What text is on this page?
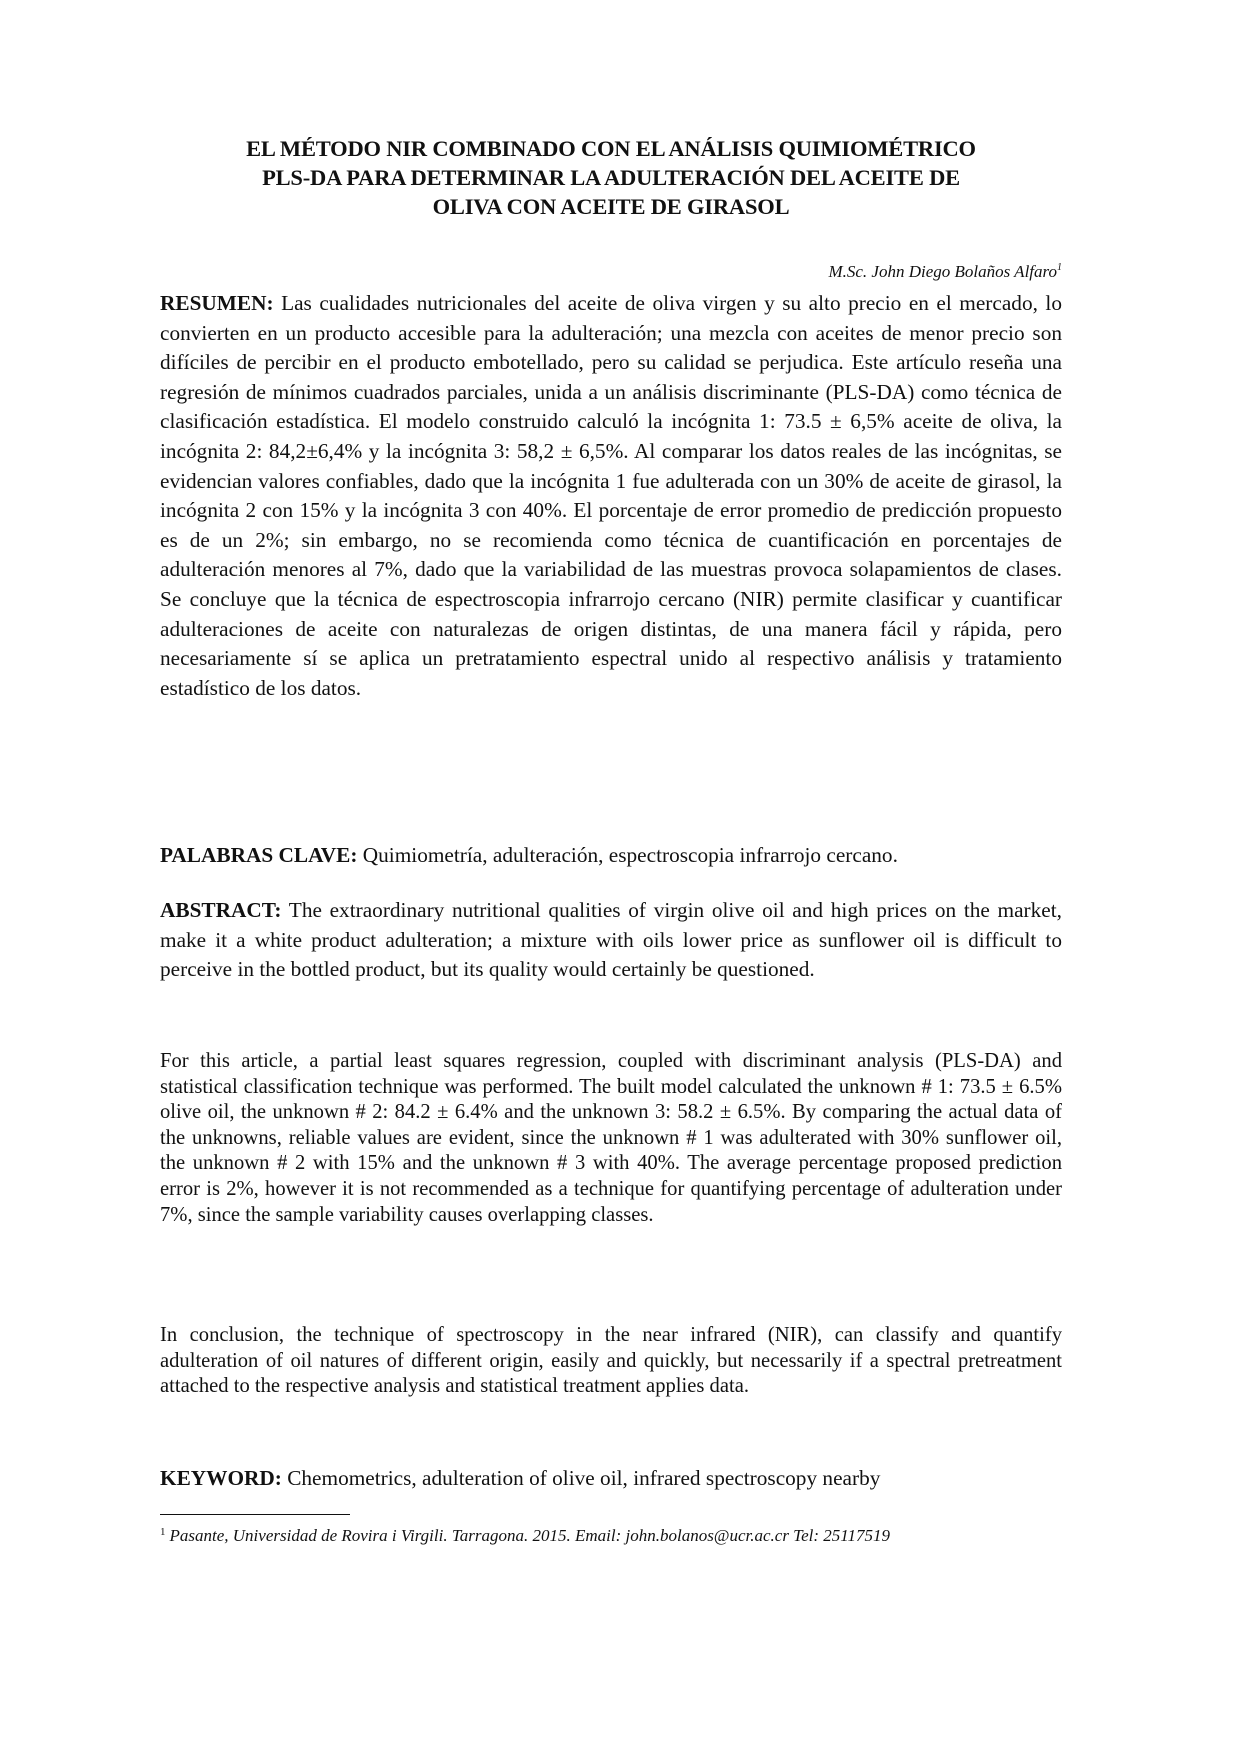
EL MÉTODO NIR COMBINADO CON EL ANÁLISIS QUIMIOMÉTRICO
PLS-DA PARA DETERMINAR LA ADULTERACIÓN DEL ACEITE DE
OLIVA CON ACEITE DE GIRASOL
M.Sc. John Diego Bolaños Alfaro$^1$
RESUMEN: Las cualidades nutricionales del aceite de oliva virgen y su alto precio en el mercado, lo convierten en un producto accesible para la adulteración; una mezcla con aceites de menor precio son difíciles de percibir en el producto embotellado, pero su calidad se perjudica. Este artículo reseña una regresión de mínimos cuadrados parciales, unida a un análisis discriminante (PLS-DA) como técnica de clasificación estadística. El modelo construido calculó la incógnita 1: 73.5 ± 6,5% aceite de oliva, la incógnita 2: 84,2±6,4% y la incógnita 3: 58,2 ± 6,5%. Al comparar los datos reales de las incógnitas, se evidencian valores confiables, dado que la incógnita 1 fue adulterada con un 30% de aceite de girasol, la incógnita 2 con 15% y la incógnita 3 con 40%. El porcentaje de error promedio de predicción propuesto es de un 2%; sin embargo, no se recomienda como técnica de cuantificación en porcentajes de adulteración menores al 7%, dado que la variabilidad de las muestras provoca solapamientos de clases. Se concluye que la técnica de espectroscopia infrarrojo cercano (NIR) permite clasificar y cuantificar adulteraciones de aceite con naturalezas de origen distintas, de una manera fácil y rápida, pero necesariamente sí se aplica un pretratamiento espectral unido al respectivo análisis y tratamiento estadístico de los datos.
PALABRAS CLAVE: Quimiometría, adulteración, espectroscopia infrarrojo cercano.
ABSTRACT: The extraordinary nutritional qualities of virgin olive oil and high prices on the market, make it a white product adulteration; a mixture with oils lower price as sunflower oil is difficult to perceive in the bottled product, but its quality would certainly be questioned.
For this article, a partial least squares regression, coupled with discriminant analysis (PLS-DA) and statistical classification technique was performed. The built model calculated the unknown # 1: 73.5 ± 6.5% olive oil, the unknown # 2: 84.2 ± 6.4% and the unknown 3: 58.2 ± 6.5%. By comparing the actual data of the unknowns, reliable values are evident, since the unknown # 1 was adulterated with 30% sunflower oil, the unknown # 2 with 15% and the unknown # 3 with 40%. The average percentage proposed prediction error is 2%, however it is not recommended as a technique for quantifying percentage of adulteration under 7%, since the sample variability causes overlapping classes.
In conclusion, the technique of spectroscopy in the near infrared (NIR), can classify and quantify adulteration of oil natures of different origin, easily and quickly, but necessarily if a spectral pretreatment attached to the respective analysis and statistical treatment applies data.
KEYWORD: Chemometrics, adulteration of olive oil, infrared spectroscopy nearby
$^1$ Pasante, Universidad de Rovira i Virgili. Tarragona. 2015. Email: john.bolanos@ucr.ac.cr Tel: 25117519
